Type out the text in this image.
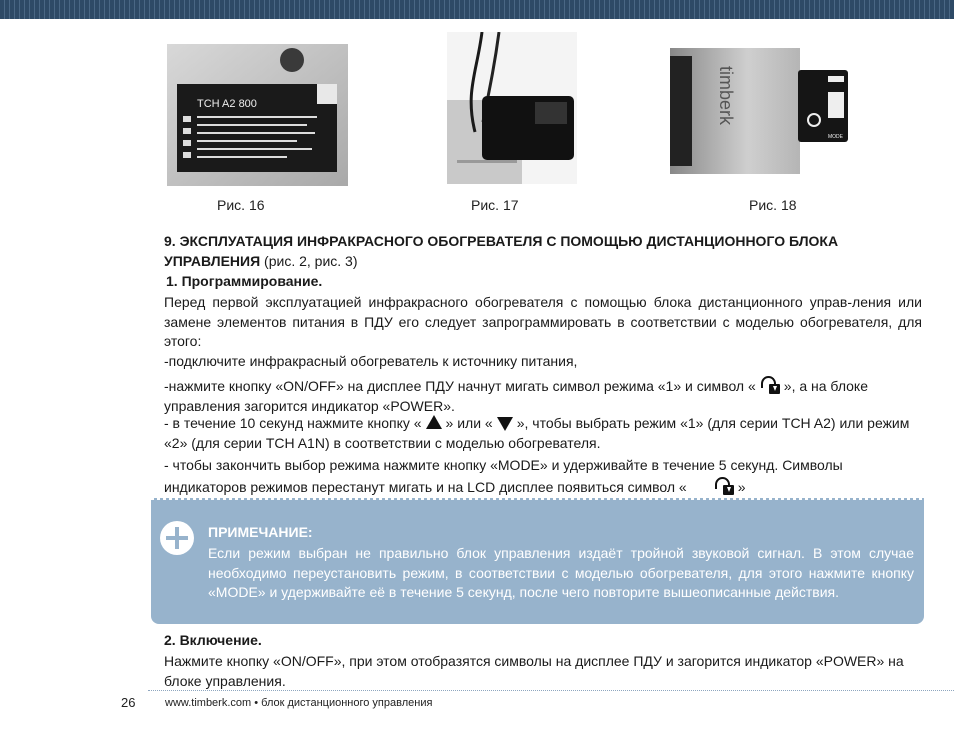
TCH A2 800	timberk
MODE
Рис. 16	Рис. 17	Рис. 18
9. ЭКСПЛУАТАЦИЯ ИНФРАКРАСНОГО ОБОГРЕВАТЕЛЯ С ПОМОЩЬЮ ДИСТАНЦИОННОГО БЛОКА УПРАВЛЕНИЯ (рис. 2, рис. 3)
1. Программирование.
Перед первой эксплуатацией инфракрасного обогревателя с помощью блока дистанционного управ-ления или замене элементов питания в ПДУ его следует запрограммировать в соответствии с моделью обогревателя, для этого:
-подключите инфракрасный обогреватель к источнику питания,
-нажмите кнопку «ON/OFF» на дисплее ПДУ начнут мигать символ режима «1» и символ « », а на блоке управления загорится индикатор «POWER».
- в течение 10 секунд нажмите кнопку « » или « », чтобы выбрать режим «1» (для серии TCH A2) или режим «2» (для серии TCH A1N) в соответствии с моделью обогревателя.
- чтобы закончить выбор режима нажмите кнопку «MODE» и удерживайте в течение 5 секунд. Символы индикаторов режимов перестанут мигать и на LCD дисплее появиться символ «	»
ПРИМЕЧАНИЕ:
Если режим выбран не правильно блок управления издаёт тройной звуковой сигнал. В этом случае необходимо переустановить режим, в соответствии с моделью обогревателя, для этого нажмите кнопку «MODE» и удерживайте её в течение 5 секунд, после чего повторите вышеописанные действия.
2. Включение.
Нажмите кнопку «ON/OFF», при этом отобразятся символы на дисплее ПДУ и загорится индикатор «POWER» на блоке управления.
26	www.timberk.com • блок дистанционного управления
